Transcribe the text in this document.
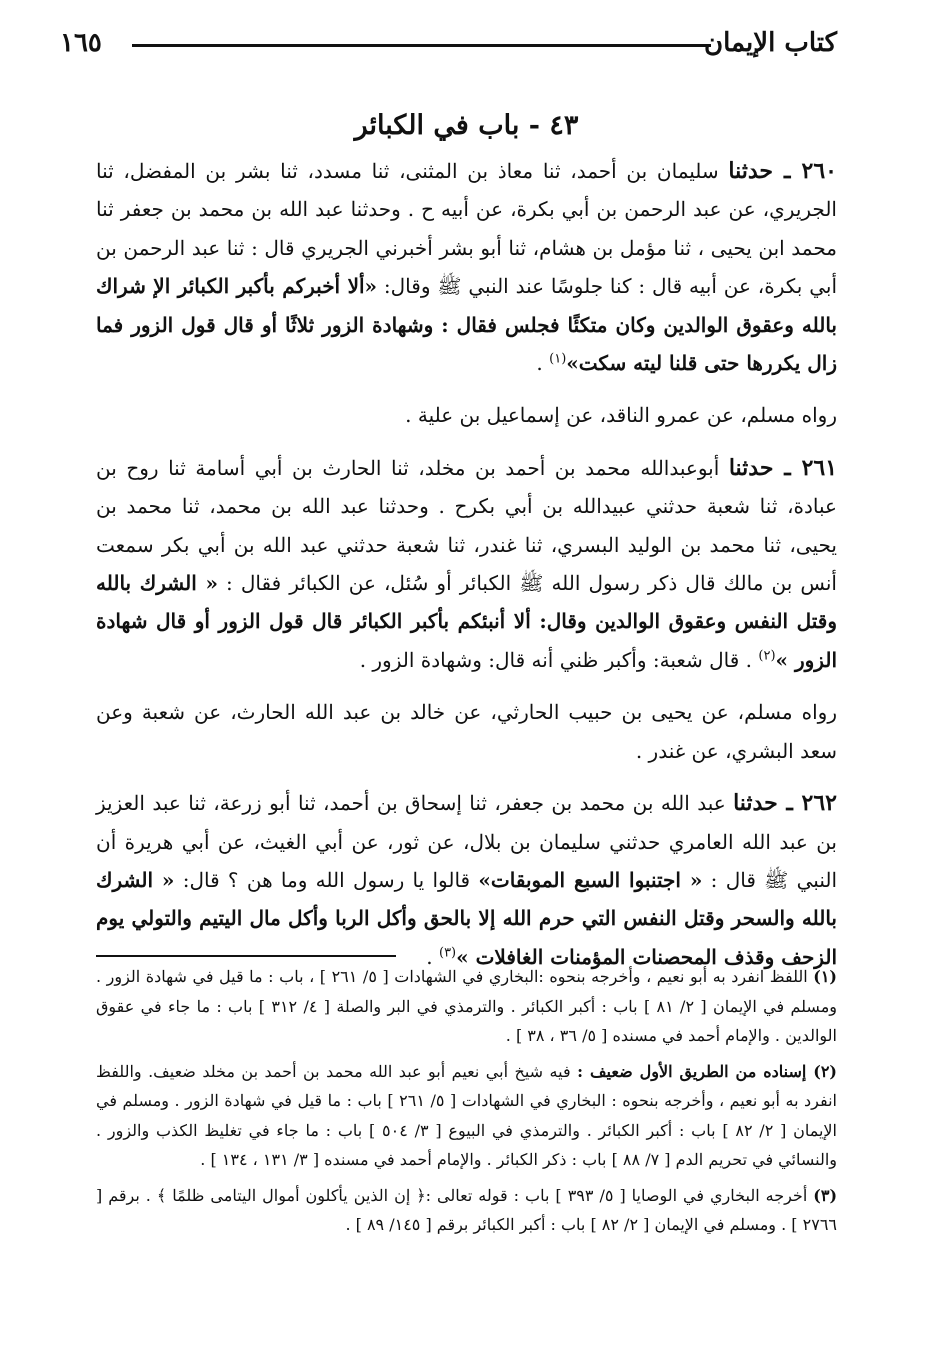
كتاب الإيمان
١٦٥
٤٣ - باب في الكبائر

٢٦٠ ـ حدثنا سليمان بن أحمد، ثنا معاذ بن المثنى، ثنا مسدد، ثنا بشر بن المفضل، ثنا الجريري، عن عبد الرحمن بن أبي بكرة، عن أبيه ح . وحدثنا عبد الله بن محمد بن جعفر ثنا محمد ابن يحيى ، ثنا مؤمل بن هشام، ثنا أبو بشر أخبرني الجريري قال : ثنا عبد الرحمن بن أبي بكرة، عن أبيه قال : كنا جلوسًا عند النبي ﷺ وقال: «ألا أخبركم بأكبر الكبائر الإ شراك بالله وعقوق الوالدين وكان متكئًا فجلس فقال : وشهادة الزور ثلاثًا أو قال قول الزور فما زال يكررها حتى قلنا ليته سكت»$^{(١)}$ .

رواه مسلم، عن عمرو الناقد، عن إسماعيل بن علية .

٢٦١ ـ حدثنا أبوعبدالله محمد بن أحمد بن مخلد، ثنا الحارث بن أبي أسامة ثنا روح بن عبادة، ثنا شعبة حدثني عبيدالله بن أبي بكرح . وحدثنا عبد الله بن محمد، ثنا محمد بن يحيى، ثنا محمد بن الوليد البسري، ثنا غندر، ثنا شعبة حدثني عبد الله بن أبي بكر سمعت أنس بن مالك قال ذكر رسول الله ﷺ الكبائر أو سُئل، عن الكبائر فقال : « الشرك بالله وقتل النفس وعقوق الوالدين وقال: ألا أنبئكم بأكبر الكبائر قال قول الزور أو قال شهادة الزور »$^{(٢)}$ . قال شعبة: وأكبر ظني أنه قال: وشهادة الزور .

رواه مسلم، عن يحيى بن حبيب الحارثي، عن خالد بن عبد الله الحارث، عن شعبة وعن سعد البشري، عن غندر .

٢٦٢ ـ حدثنا عبد الله بن محمد بن جعفر، ثنا إسحاق بن أحمد، ثنا أبو زرعة، ثنا عبد العزيز بن عبد الله العامري حدثني سليمان بن بلال، عن ثور، عن أبي الغيث، عن أبي هريرة أن النبي ﷺ قال : « اجتنبوا السبع الموبقات» قالوا يا رسول الله وما هن ؟ قال: « الشرك بالله والسحر وقتل النفس التي حرم الله إلا بالحق وأكل الربا وأكل مال اليتيم والتولي يوم الزحف وقذف المحصنات المؤمنات الغافلات »$^{(٣)}$ .

(١) اللفظ انفرد به أبو نعيم ، وأخرجه بنحوه :البخاري في الشهادات [ ٥/ ٢٦١ ] ، باب : ما قيل في شهادة الزور . ومسلم في الإيمان [ ٢/ ٨١ ] باب : أكبر الكبائر . والترمذي في البر والصلة [ ٤/ ٣١٢ ] باب : ما جاء في عقوق الوالدين . والإمام أحمد في مسنده [ ٥/ ٣٦ ، ٣٨ ] .

(٢) إسناده من الطريق الأول ضعيف : فيه شيخ أبي نعيم أبو عبد الله محمد بن أحمد بن مخلد ضعيف. واللفظ انفرد به أبو نعيم ، وأخرجه بنحوه : البخاري في الشهادات [ ٥/ ٢٦١ ] باب : ما قيل في شهادة الزور . ومسلم في الإيمان [ ٢/ ٨٢ ] باب : أكبر الكبائر . والترمذي في البيوع [ ٣/ ٥٠٤ ] باب : ما جاء في تغليظ الكذب والزور . والنسائي في تحريم الدم [ ٧/ ٨٨ ] باب : ذكر الكبائر . والإمام أحمد في مسنده [ ٣/ ١٣١ ، ١٣٤ ] .

(٣) أخرجه البخاري في الوصايا [ ٥/ ٣٩٣ ] باب : قوله تعالى :﴿ إن الذين يأكلون أموال اليتامى ظلمًا ﴾ . برقم [ ٢٧٦٦ ] . ومسلم في الإيمان [ ٢/ ٨٢ ] باب : أكبر الكبائر برقم [ ١٤٥/ ٨٩ ] .
